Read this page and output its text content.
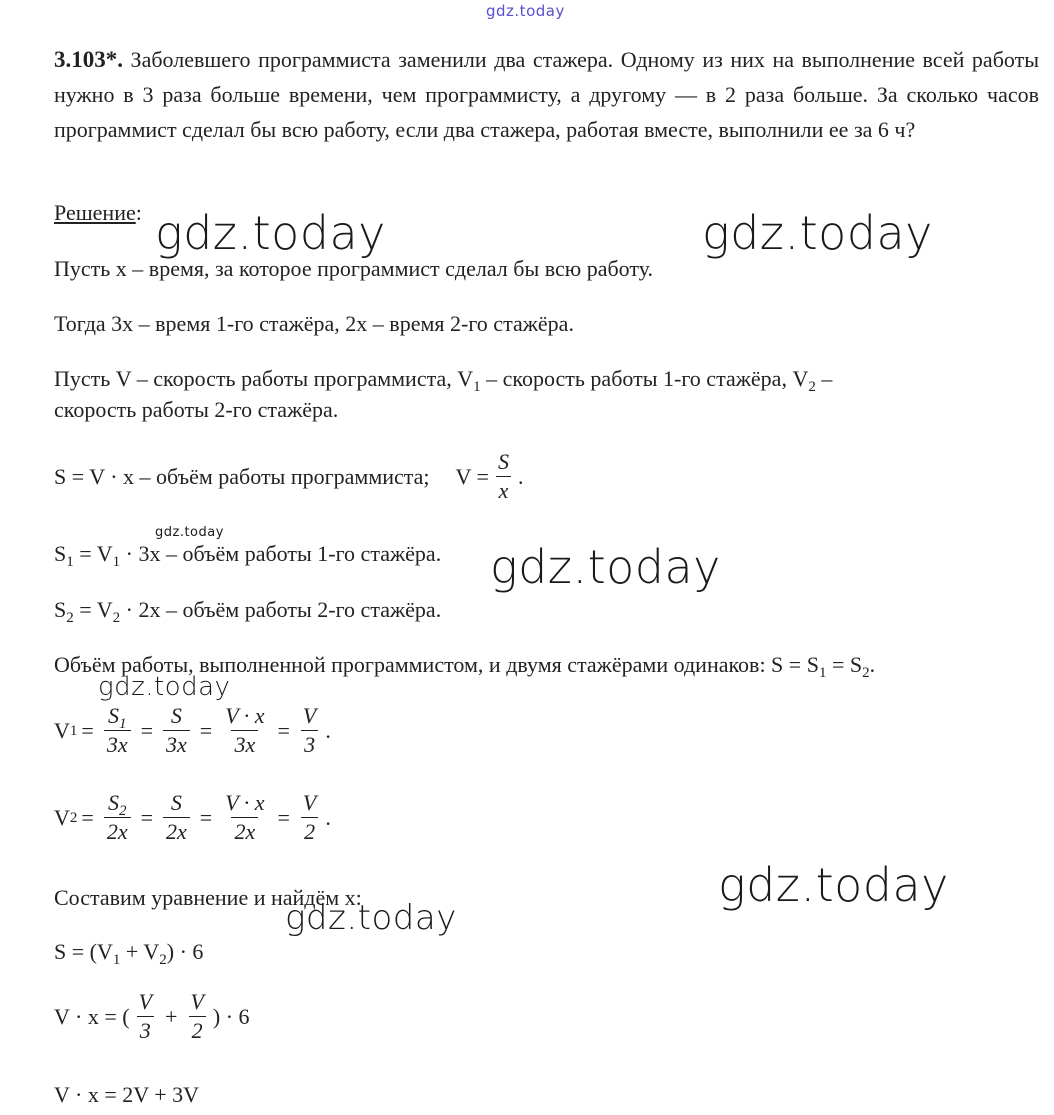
gdz.today
gdz.today	gdz.today
gdz.today
gdz.today
gdz.today
gdz.today
gdz.today
3.103*. Заболевшего программиста заменили два стажера. Одному из них на выполнение всей работы нужно в 3 раза больше времени, чем программисту, а другому — в 2 раза больше. За сколько часов программист сделал бы всю работу, если два стажера, работая вместе, выполнили ее за 6 ч?
Решение:
Пусть x – время, за которое программист сделал бы всю работу.
Тогда 3x – время 1-го стажёра, 2x – время 2-го стажёра.
Пусть V – скорость работы программиста, $V_1$ – скорость работы 1-го стажёра, $V_2$ –
скорость работы 2-го стажёра.
S = V · x – объём работы программиста; $V = \frac{S}{x}$ .
$S_1 = V_1 \cdot 3x$ – объём работы 1-го стажёра.
$S_2 = V_2 \cdot 2x$ – объём работы 2-го стажёра.
Объём работы, выполненной программистом, и двумя стажёрами одинаков: $S = S_1 = S_2$.
V $1 = \frac{S_1}{3x} = \frac{S}{3x} = \frac{V \cdot x}{3x} = \frac{V}{3}$ .
V $2 = \frac{S_2}{2x} = \frac{S}{2x} = \frac{V \cdot x}{2x} = \frac{V}{2}$ .
Составим уравнение и найдём x:
$S = (V_1 + V_2) \cdot 6$
V · x = ( $\frac{V}{3} + \frac{V}{2}$ ) · 6
V · x = 2V + 3V
